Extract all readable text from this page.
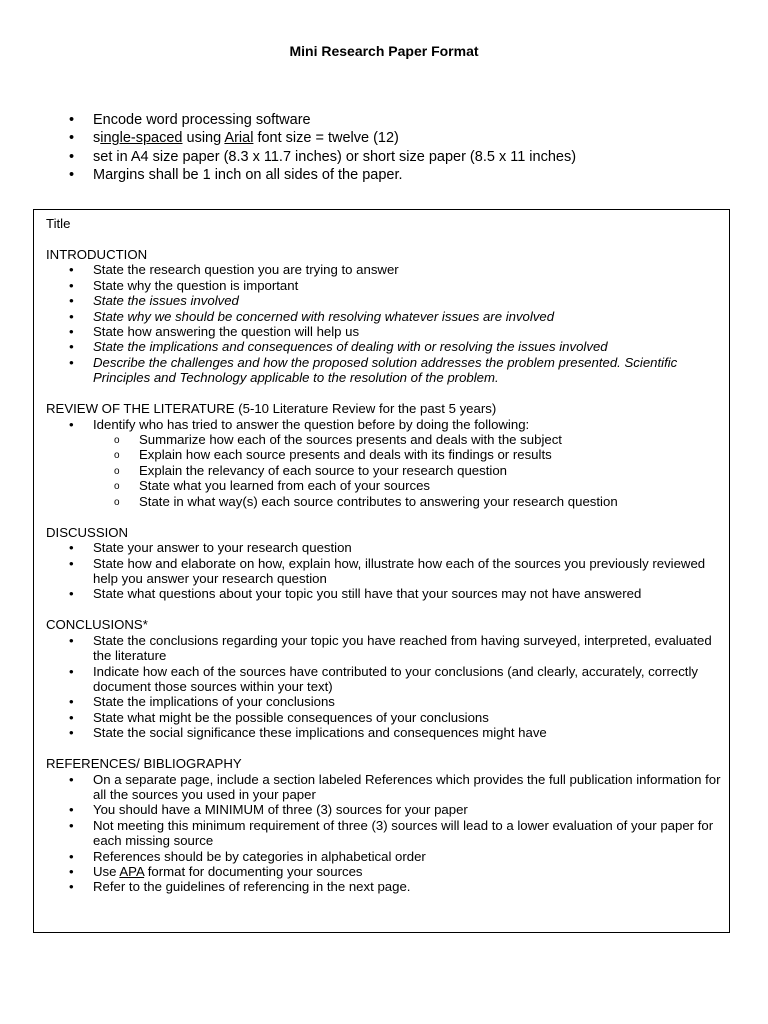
Mini Research Paper Format
• Encode word processing software
• single-spaced using Arial font size = twelve (12)
• set in A4 size paper (8.3 x 11.7 inches) or short size paper (8.5 x 11 inches)
• Margins shall be 1 inch on all sides of the paper.

Title

INTRODUCTION

• State the research question you are trying to answer
• State why the question is important
• State the issues involved
• State why we should be concerned with resolving whatever issues are involved
• State how answering the question will help us
• State the implications and consequences of dealing with or resolving the issues involved
• Describe the challenges and how the proposed solution addresses the problem presented. Scientific Principles and Technology applicable to the resolution of the problem.

REVIEW OF THE LITERATURE (5-10 Literature Review for the past 5 years)

• Identify who has tried to answer the question before by doing the following:
o Summarize how each of the sources presents and deals with the subject
o Explain how each source presents and deals with its findings or results
o Explain the relevancy of each source to your research question
o State what you learned from each of your sources
o State in what way(s) each source contributes to answering your research question

DISCUSSION

• State your answer to your research question
• State how and elaborate on how, explain how, illustrate how each of the sources you previously reviewed help you answer your research question
• State what questions about your topic you still have that your sources may not have answered

CONCLUSIONS*

• State the conclusions regarding your topic you have reached from having surveyed, interpreted, evaluated the literature
• Indicate how each of the sources have contributed to your conclusions (and clearly, accurately, correctly document those sources within your text)
• State the implications of your conclusions
• State what might be the possible consequences of your conclusions
• State the social significance these implications and consequences might have

REFERENCES/ BIBLIOGRAPHY

• On a separate page, include a section labeled References which provides the full publication information for all the sources you used in your paper
• You should have a MINIMUM of three (3) sources for your paper
• Not meeting this minimum requirement of three (3) sources will lead to a lower evaluation of your paper for each missing source
• References should be by categories in alphabetical order
• Use APA format for documenting your sources
• Refer to the guidelines of referencing in the next page.
